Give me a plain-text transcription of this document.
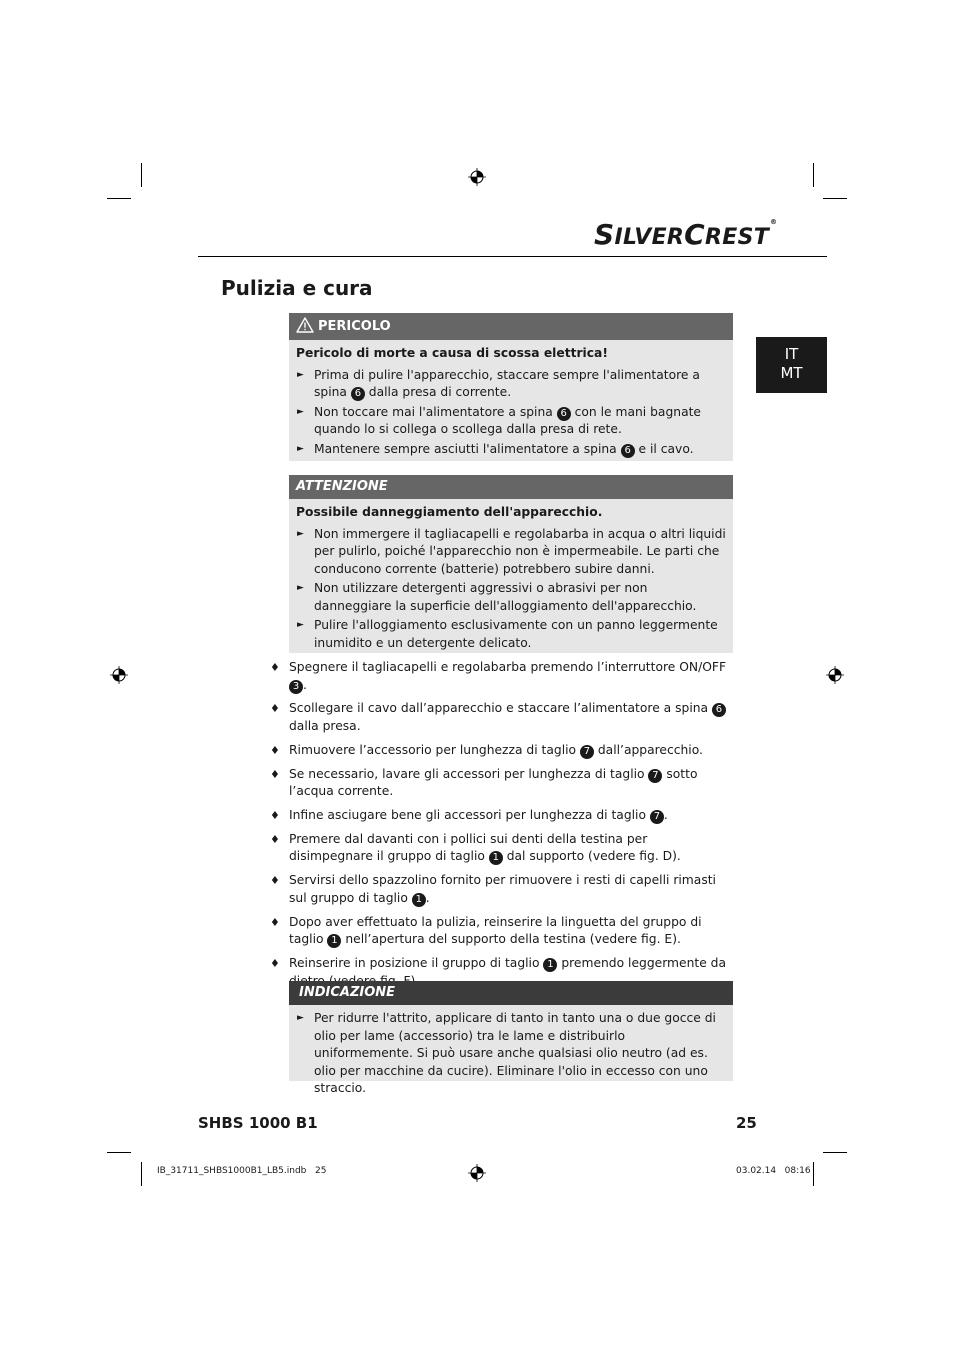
SILVERCREST®
Pulizia e cura
IT
MT
PERICOLO
Pericolo di morte a causa di scossa elettrica!
► Prima di pulire l'apparecchio, staccare sempre l'alimentatore a spina 6 dalla presa di corrente.
► Non toccare mai l'alimentatore a spina 6 con le mani bagnate quando lo si collega o scollega dalla presa di rete.
► Mantenere sempre asciutti l'alimentatore a spina 6 e il cavo.
ATTENZIONE
Possibile danneggiamento dell'apparecchio.
► Non immergere il tagliacapelli e regolabarba in acqua o altri liquidi per pulirlo, poiché l'apparecchio non è impermeabile. Le parti che conducono corrente (batterie) potrebbero subire danni.
► Non utilizzare detergenti aggressivi o abrasivi per non danneggiare la superficie dell'alloggiamento dell'apparecchio.
► Pulire l'alloggiamento esclusivamente con un panno leggermente inumidito e un detergente delicato.
♦ Spegnere il tagliacapelli e regolabarba premendo l’interruttore ON/OFF 3 .
♦ Scollegare il cavo dall’apparecchio e staccare l’alimentatore a spina 6 dalla presa.
♦ Rimuovere l’accessorio per lunghezza di taglio 7 dall’apparecchio.
♦ Se necessario, lavare gli accessori per lunghezza di taglio 7 sotto l’acqua corrente.
♦ Infine asciugare bene gli accessori per lunghezza di taglio 7 .
♦ Premere dal davanti con i pollici sui denti della testina per disimpegnare il gruppo di taglio 1 dal supporto (vedere fig. D).
♦ Servirsi dello spazzolino fornito per rimuovere i resti di capelli rimasti sul gruppo di taglio 1 .
♦ Dopo aver effettuato la pulizia, reinserire la linguetta del gruppo di taglio 1 nell’apertura del supporto della testina (vedere fig. E).
♦ Reinserire in posizione il gruppo di taglio 1 premendo leggermente da
INDICAZIONE
► Per ridurre l'attrito, applicare di tanto in tanto una o due gocce di olio per lame (accessorio) tra le lame e distribuirlo uniformemente. Si può usare anche qualsiasi olio neutro (ad es. olio per macchine da cucire). Eliminare l'olio in eccesso con uno straccio.
SHBS 1000 B1	25
IB_31711_SHBS1000B1_LB5.indb   25	03.02.14   08:16
